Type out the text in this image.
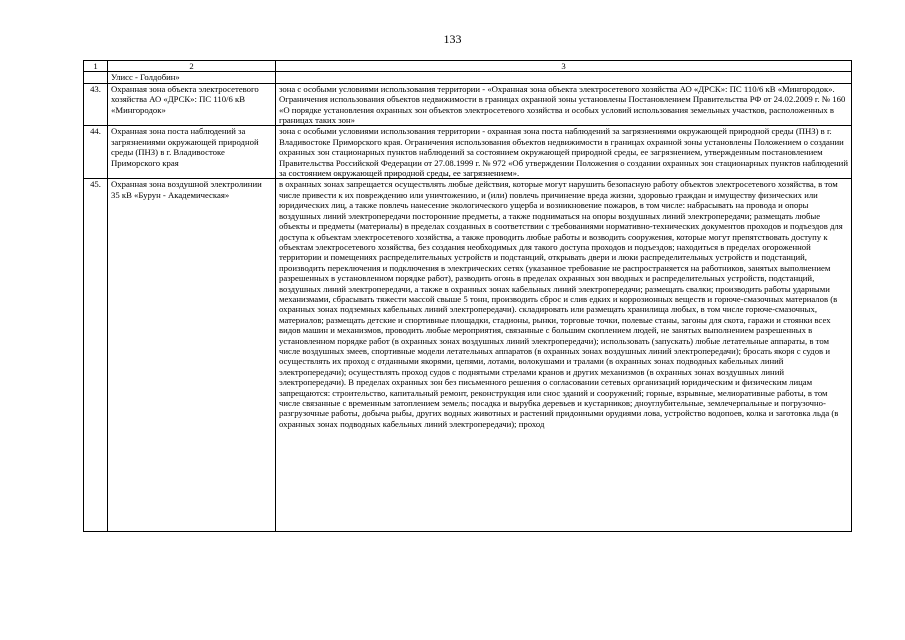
133
1	2	3
	Улисс - Голдобин»	
43.	Охранная зона объекта электросетевого хозяйства АО «ДРСК»: ПС 110/6 кВ «Мингородок»	зона с особыми условиями использования территории - «Охранная зона объекта электросетевого хозяйства АО «ДРСК»: ПС 110/6 кВ «Мингородок». Ограничения использования объектов недвижимости в границах охранной зоны установлены Постановлением Правительства РФ от 24.02.2009 г. № 160 «О порядке установления охранных зон объектов электросетевого хозяйства и особых условий использования земельных участков, расположенных в границах таких зон»
44.	Охранная зона поста наблюдений за загрязнениями окружающей природной среды (ПНЗ) в г. Владивостоке Приморского края	зона с особыми условиями использования территории - охранная зона поста наблюдений за загрязнениями окружающей природной среды (ПНЗ) в г. Владивостоке Приморского края. Ограничения использования объектов недвижимости в границах охранной зоны установлены Положением о создании охранных зон стационарных пунктов наблюдений за состоянием окружающей природной среды, ее загрязнением, утвержденным постановлением Правительства Российской Федерации от 27.08.1999 г. № 972 «Об утверждении Положения о создании охранных зон стационарных пунктов наблюдений за состоянием окружающей природной среды, ее загрязнением».
45.	Охранная зона воздушной электролинии 35 кВ «Бурун - Академическая»	в охранных зонах запрещается осуществлять любые действия, которые могут нарушить безопасную работу объектов электросетевого хозяйства, в том числе привести к их повреждению или уничтожению, и (или) повлечь причинение вреда жизни, здоровью граждан и имуществу физических или юридических лиц, а также повлечь нанесение экологического ущерба и возникновение пожаров, в том числе: набрасывать на провода и опоры воздушных линий электропередачи посторонние предметы, а также подниматься на опоры воздушных линий электропередачи; размещать любые объекты и предметы (материалы) в пределах созданных в соответствии с требованиями нормативно-технических документов проходов и подъездов для доступа к объектам электросетевого хозяйства, а также проводить любые работы и возводить сооружения, которые могут препятствовать доступу к объектам электросетевого хозяйства, без создания необходимых для такого доступа проходов и подъездов; находиться в пределах огороженной территории и помещениях распределительных устройств и подстанций, открывать двери и люки распределительных устройств и подстанций, производить переключения и подключения в электрических сетях (указанное требование не распространяется на работников, занятых выполнением разрешенных в установленном порядке работ), разводить огонь в пределах охранных зон вводных и распределительных устройств, подстанций, воздушных линий электропередачи, а также в охранных зонах кабельных линий электропередачи; размещать свалки; производить работы ударными механизмами, сбрасывать тяжести массой свыше 5 тонн, производить сброс и слив едких и коррозионных веществ и горюче-смазочных материалов (в охранных зонах подземных кабельных линий электропередачи). складировать или размещать хранилища любых, в том числе горюче-смазочных, материалов; размещать детские и спортивные площадки, стадионы, рынки, торговые точки, полевые станы, загоны для скота, гаражи и стоянки всех видов машин и механизмов, проводить любые мероприятия, связанные с большим скоплением людей, не занятых выполнением разрешенных в установленном порядке работ (в охранных зонах воздушных линий электропередачи); использовать (запускать) любые летательные аппараты, в том числе воздушных змеев, спортивные модели летательных аппаратов (в охранных зонах воздушных линий электропередачи); бросать якоря с судов и осуществлять их проход с отданными якорями, цепями, лотами, волокушами и тралами (в охранных зонах подводных кабельных линий электропередачи); осуществлять проход судов с поднятыми стрелами кранов и других механизмов (в охранных зонах воздушных линий электропередачи). В пределах охранных зон без письменного решения о согласовании сетевых организаций юридическим и физическим лицам запрещаются: строительство, капитальный ремонт, реконструкция или снос зданий и сооружений; горные, взрывные, мелиоративные работы, в том числе связанные с временным затоплением земель; посадка и вырубка деревьев и кустарников; дноуглубительные, землечерпальные и погрузочно-разгрузочные работы, добыча рыбы, других водных животных и растений придонными орудиями лова, устройство водопоев, колка и заготовка льда (в охранных зонах подводных кабельных линий электропередачи); проход
